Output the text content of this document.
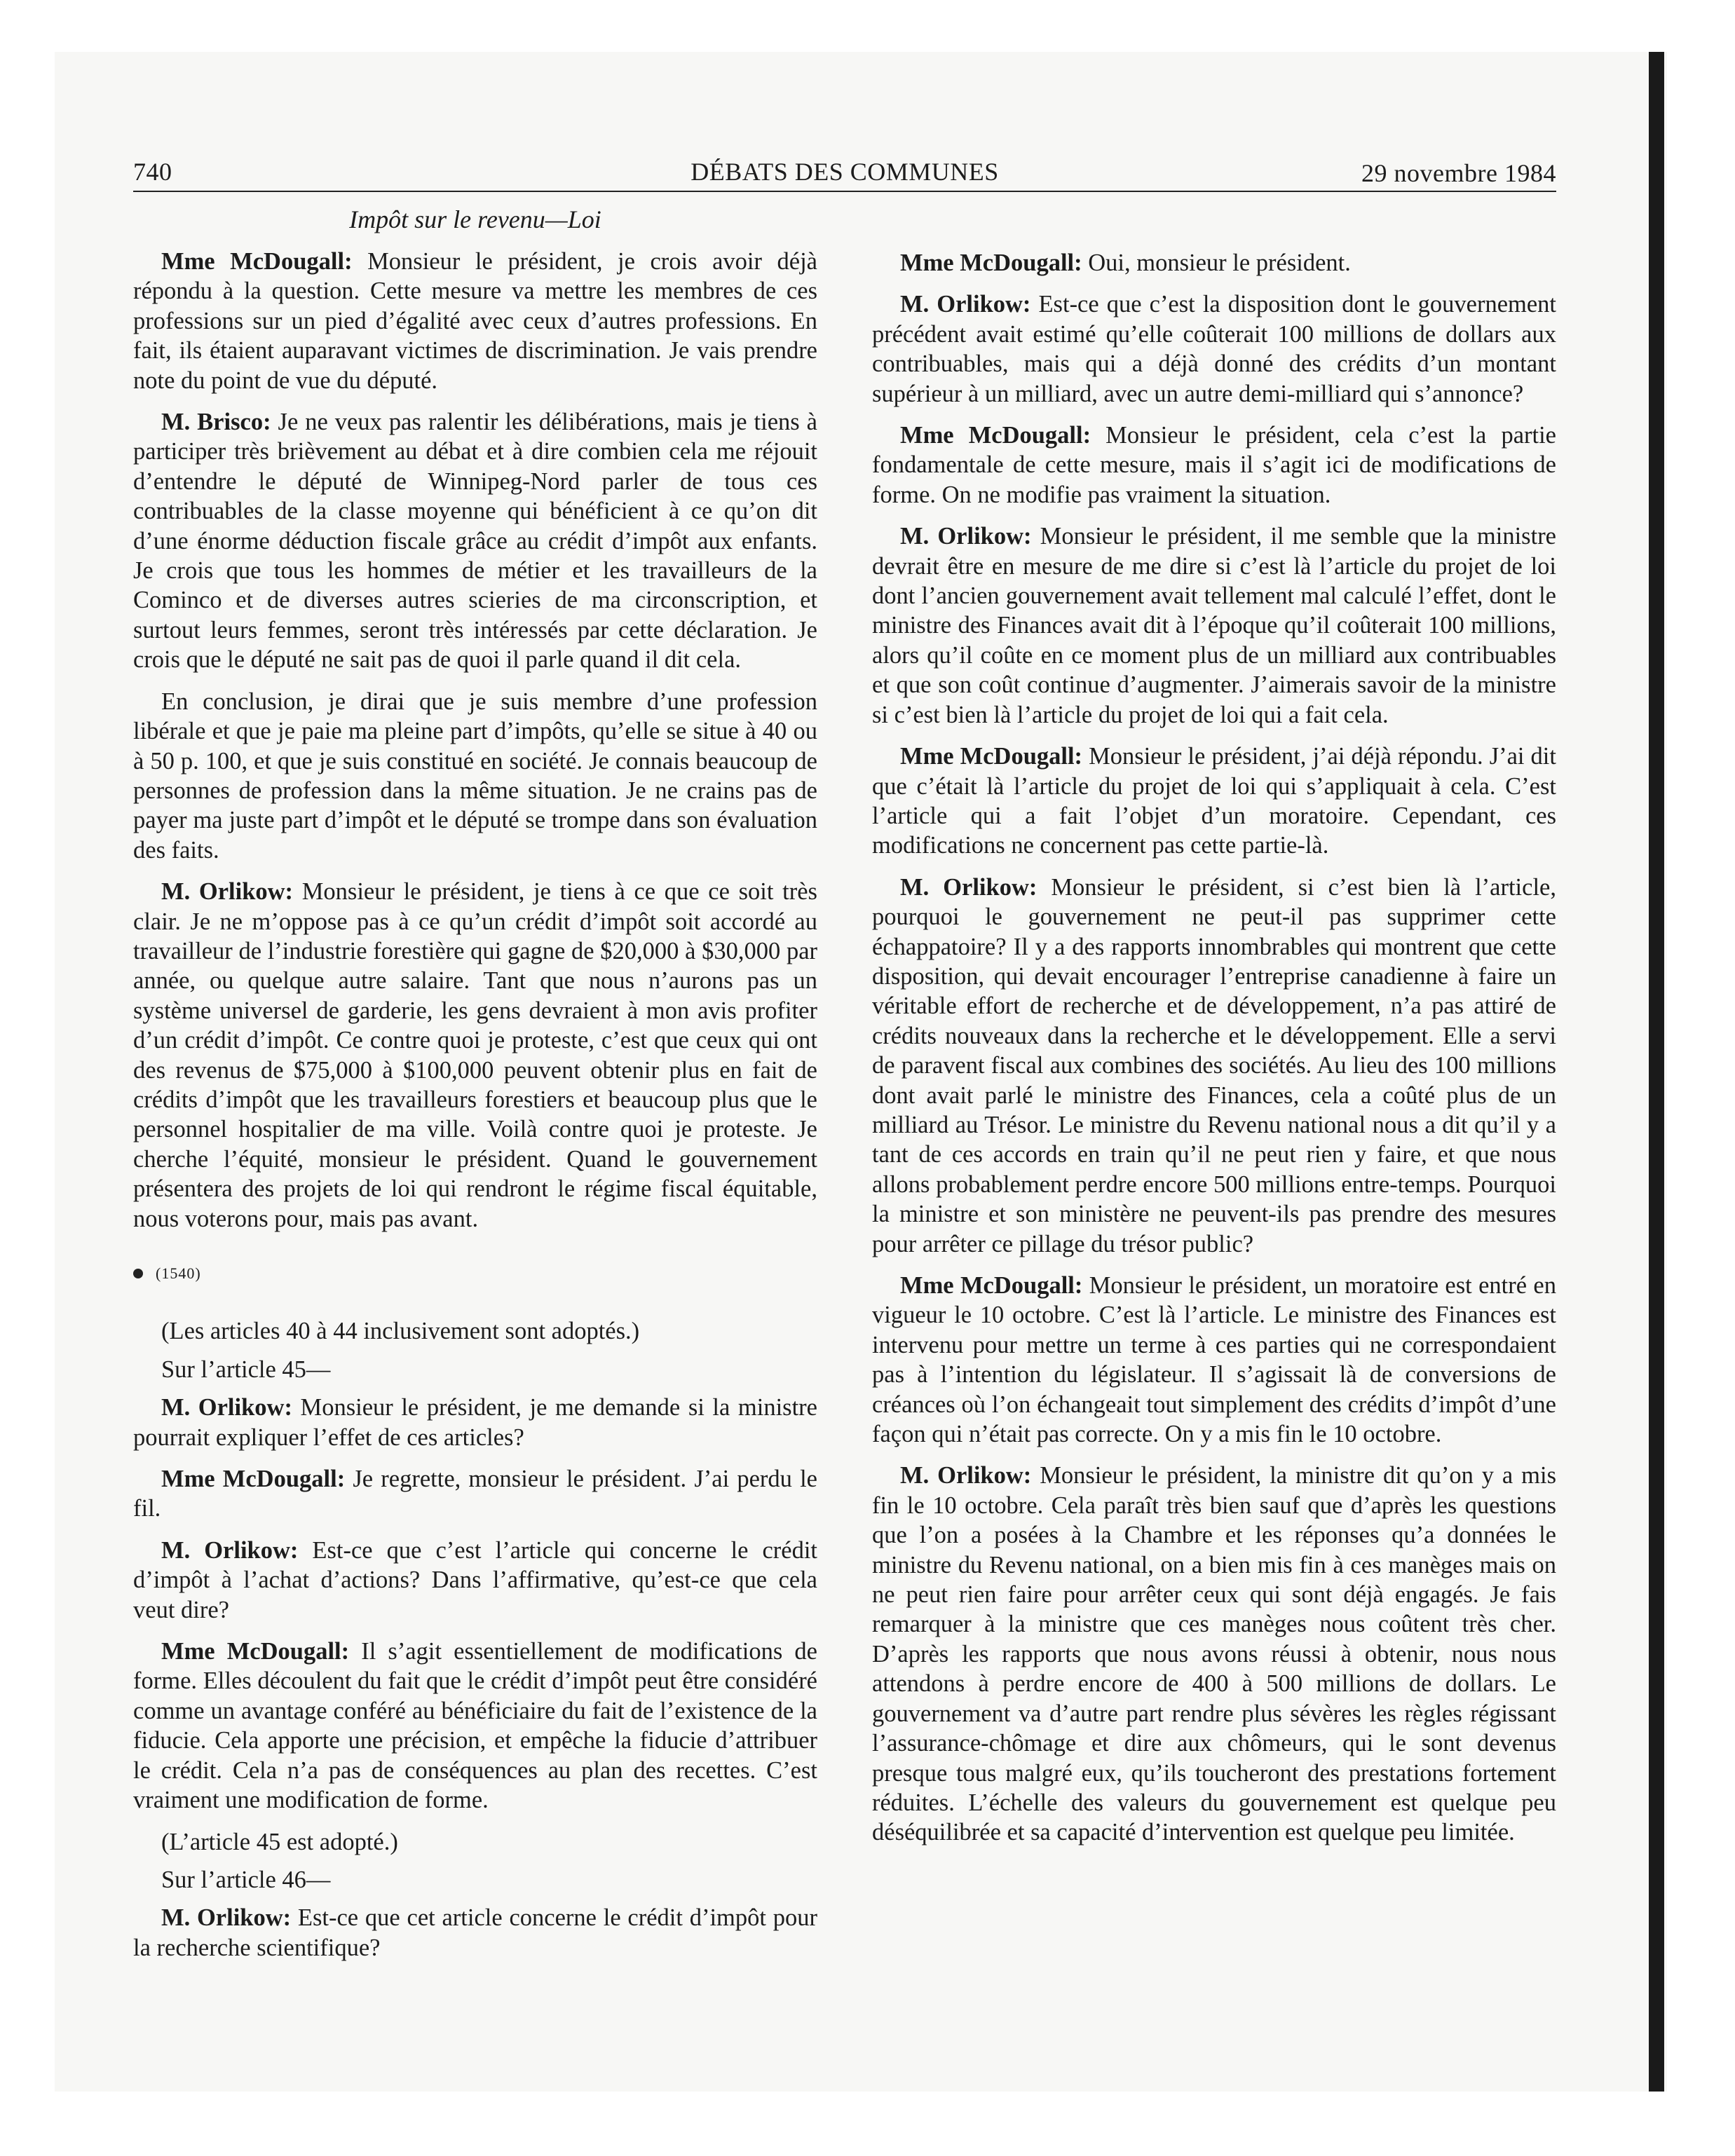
740	DÉBATS DES COMMUNES	29 novembre 1984
Impôt sur le revenu—Loi

Mme McDougall: Monsieur le président, je crois avoir déjà répondu à la question. Cette mesure va mettre les membres de ces professions sur un pied d’égalité avec ceux d’autres professions. En fait, ils étaient auparavant victimes de discrimination. Je vais prendre note du point de vue du député.

M. Brisco: Je ne veux pas ralentir les délibérations, mais je tiens à participer très brièvement au débat et à dire combien cela me réjouit d’entendre le député de Winnipeg-Nord parler de tous ces contribuables de la classe moyenne qui bénéficient à ce qu’on dit d’une énorme déduction fiscale grâce au crédit d’impôt aux enfants. Je crois que tous les hommes de métier et les travailleurs de la Cominco et de diverses autres scieries de ma circonscription, et surtout leurs femmes, seront très intéressés par cette déclaration. Je crois que le député ne sait pas de quoi il parle quand il dit cela.

En conclusion, je dirai que je suis membre d’une profession libérale et que je paie ma pleine part d’impôts, qu’elle se situe à 40 ou à 50 p. 100, et que je suis constitué en société. Je connais beaucoup de personnes de profession dans la même situation. Je ne crains pas de payer ma juste part d’impôt et le député se trompe dans son évaluation des faits.

M. Orlikow: Monsieur le président, je tiens à ce que ce soit très clair. Je ne m’oppose pas à ce qu’un crédit d’impôt soit accordé au travailleur de l’industrie forestière qui gagne de $20,000 à $30,000 par année, ou quelque autre salaire. Tant que nous n’aurons pas un système universel de garderie, les gens devraient à mon avis profiter d’un crédit d’impôt. Ce contre quoi je proteste, c’est que ceux qui ont des revenus de $75,000 à $100,000 peuvent obtenir plus en fait de crédits d’impôt que les travailleurs forestiers et beaucoup plus que le personnel hospitalier de ma ville. Voilà contre quoi je proteste. Je cherche l’équité, monsieur le président. Quand le gouvernement présentera des projets de loi qui rendront le régime fiscal équitable, nous voterons pour, mais pas avant.

(1540)

(Les articles 40 à 44 inclusivement sont adoptés.)

Sur l’article 45—

M. Orlikow: Monsieur le président, je me demande si la ministre pourrait expliquer l’effet de ces articles?

Mme McDougall: Je regrette, monsieur le président. J’ai perdu le fil.

M. Orlikow: Est-ce que c’est l’article qui concerne le crédit d’impôt à l’achat d’actions? Dans l’affirmative, qu’est-ce que cela veut dire?

Mme McDougall: Il s’agit essentiellement de modifications de forme. Elles découlent du fait que le crédit d’impôt peut être considéré comme un avantage conféré au bénéficiaire du fait de l’existence de la fiducie. Cela apporte une précision, et empêche la fiducie d’attribuer le crédit. Cela n’a pas de conséquences au plan des recettes. C’est vraiment une modification de forme.

(L’article 45 est adopté.)

Sur l’article 46—

M. Orlikow: Est-ce que cet article concerne le crédit d’impôt pour la recherche scientifique?

Mme McDougall: Oui, monsieur le président.

M. Orlikow: Est-ce que c’est la disposition dont le gouvernement précédent avait estimé qu’elle coûterait 100 millions de dollars aux contribuables, mais qui a déjà donné des crédits d’un montant supérieur à un milliard, avec un autre demi-milliard qui s’annonce?

Mme McDougall: Monsieur le président, cela c’est la partie fondamentale de cette mesure, mais il s’agit ici de modifications de forme. On ne modifie pas vraiment la situation.

M. Orlikow: Monsieur le président, il me semble que la ministre devrait être en mesure de me dire si c’est là l’article du projet de loi dont l’ancien gouvernement avait tellement mal calculé l’effet, dont le ministre des Finances avait dit à l’époque qu’il coûterait 100 millions, alors qu’il coûte en ce moment plus de un milliard aux contribuables et que son coût continue d’augmenter. J’aimerais savoir de la ministre si c’est bien là l’article du projet de loi qui a fait cela.

Mme McDougall: Monsieur le président, j’ai déjà répondu. J’ai dit que c’était là l’article du projet de loi qui s’appliquait à cela. C’est l’article qui a fait l’objet d’un moratoire. Cependant, ces modifications ne concernent pas cette partie-là.

M. Orlikow: Monsieur le président, si c’est bien là l’article, pourquoi le gouvernement ne peut-il pas supprimer cette échappatoire? Il y a des rapports innombrables qui montrent que cette disposition, qui devait encourager l’entreprise canadienne à faire un véritable effort de recherche et de développement, n’a pas attiré de crédits nouveaux dans la recherche et le développement. Elle a servi de paravent fiscal aux combines des sociétés. Au lieu des 100 millions dont avait parlé le ministre des Finances, cela a coûté plus de un milliard au Trésor. Le ministre du Revenu national nous a dit qu’il y a tant de ces accords en train qu’il ne peut rien y faire, et que nous allons probablement perdre encore 500 millions entre-temps. Pourquoi la ministre et son ministère ne peuvent-ils pas prendre des mesures pour arrêter ce pillage du trésor public?

Mme McDougall: Monsieur le président, un moratoire est entré en vigueur le 10 octobre. C’est là l’article. Le ministre des Finances est intervenu pour mettre un terme à ces parties qui ne correspondaient pas à l’intention du législateur. Il s’agissait là de conversions de créances où l’on échangeait tout simplement des crédits d’impôt d’une façon qui n’était pas correcte. On y a mis fin le 10 octobre.

M. Orlikow: Monsieur le président, la ministre dit qu’on y a mis fin le 10 octobre. Cela paraît très bien sauf que d’après les questions que l’on a posées à la Chambre et les réponses qu’a données le ministre du Revenu national, on a bien mis fin à ces manèges mais on ne peut rien faire pour arrêter ceux qui sont déjà engagés. Je fais remarquer à la ministre que ces manèges nous coûtent très cher. D’après les rapports que nous avons réussi à obtenir, nous nous attendons à perdre encore de 400 à 500 millions de dollars. Le gouvernement va d’autre part rendre plus sévères les règles régissant l’assurance-chômage et dire aux chômeurs, qui le sont devenus presque tous malgré eux, qu’ils toucheront des prestations fortement réduites. L’échelle des valeurs du gouvernement est quelque peu déséquilibrée et sa capacité d’intervention est quelque peu limitée.
